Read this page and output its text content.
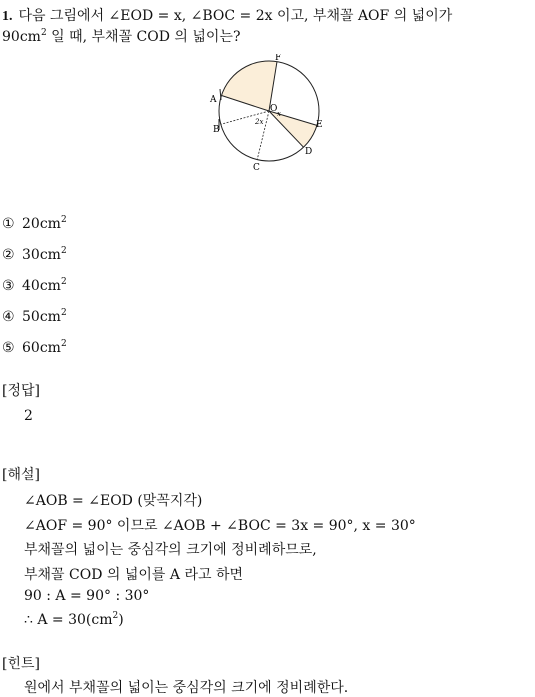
1. 다음 그림에서 ∠EOD = x, ∠BOC = 2x 이고, 부채꼴 AOF 의 넓이가
$90cm^2$ 일 때, 부채꼴 COD 의 넓이는?
F
A
B
O
E
D
C
2x
x
① $20cm^2$
② $30cm^2$
③ $40cm^2$
④ $50cm^2$
⑤ $60cm^2$
[정답]
2
[해설]
∠AOB = ∠EOD (맞꼭지각)
∠AOF = 90° 이므로 ∠AOB + ∠BOC = 3x = 90°, x = 30°
부채꼴의 넓이는 중심각의 크기에 정비례하므로,
부채꼴 COD 의 넓이를 A 라고 하면
90 : A = 90° : 30°
∴ $A = 30(cm^2)$
[힌트]
원에서 부채꼴의 넓이는 중심각의 크기에 정비례한다.
